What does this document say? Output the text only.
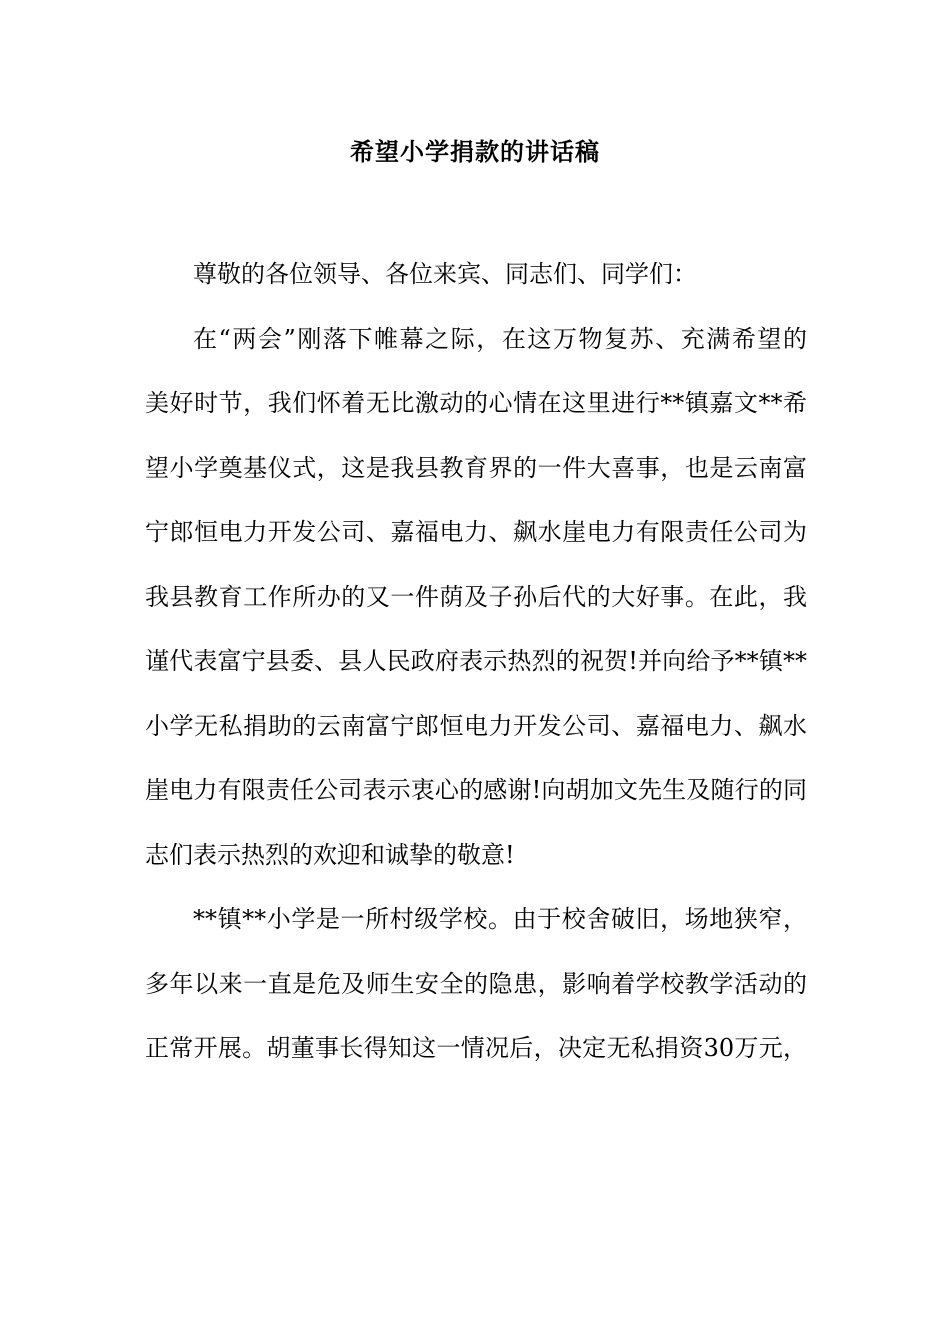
希望小学捐款的讲话稿
尊敬的各位领导、各位来宾、同志们、同学们：
在“两会”刚落下帷幕之际，在这万物复苏、充满希望的
美好时节，我们怀着无比激动的心情在这里进行**镇嘉文**希
望小学奠基仪式，这是我县教育界的一件大喜事，也是云南富
宁郎恒电力开发公司、嘉福电力、飙水崖电力有限责任公司为
我县教育工作所办的又一件荫及子孙后代的大好事。在此，我
谨代表富宁县委、县人民政府表示热烈的祝贺!并向给予**镇**
小学无私捐助的云南富宁郎恒电力开发公司、嘉福电力、飙水
崖电力有限责任公司表示衷心的感谢!向胡加文先生及随行的同
志们表示热烈的欢迎和诚挚的敬意!
**镇**小学是一所村级学校。由于校舍破旧，场地狭窄，
多年以来一直是危及师生安全的隐患，影响着学校教学活动的
正常开展。胡董事长得知这一情况后，决定无私捐资30万元，
